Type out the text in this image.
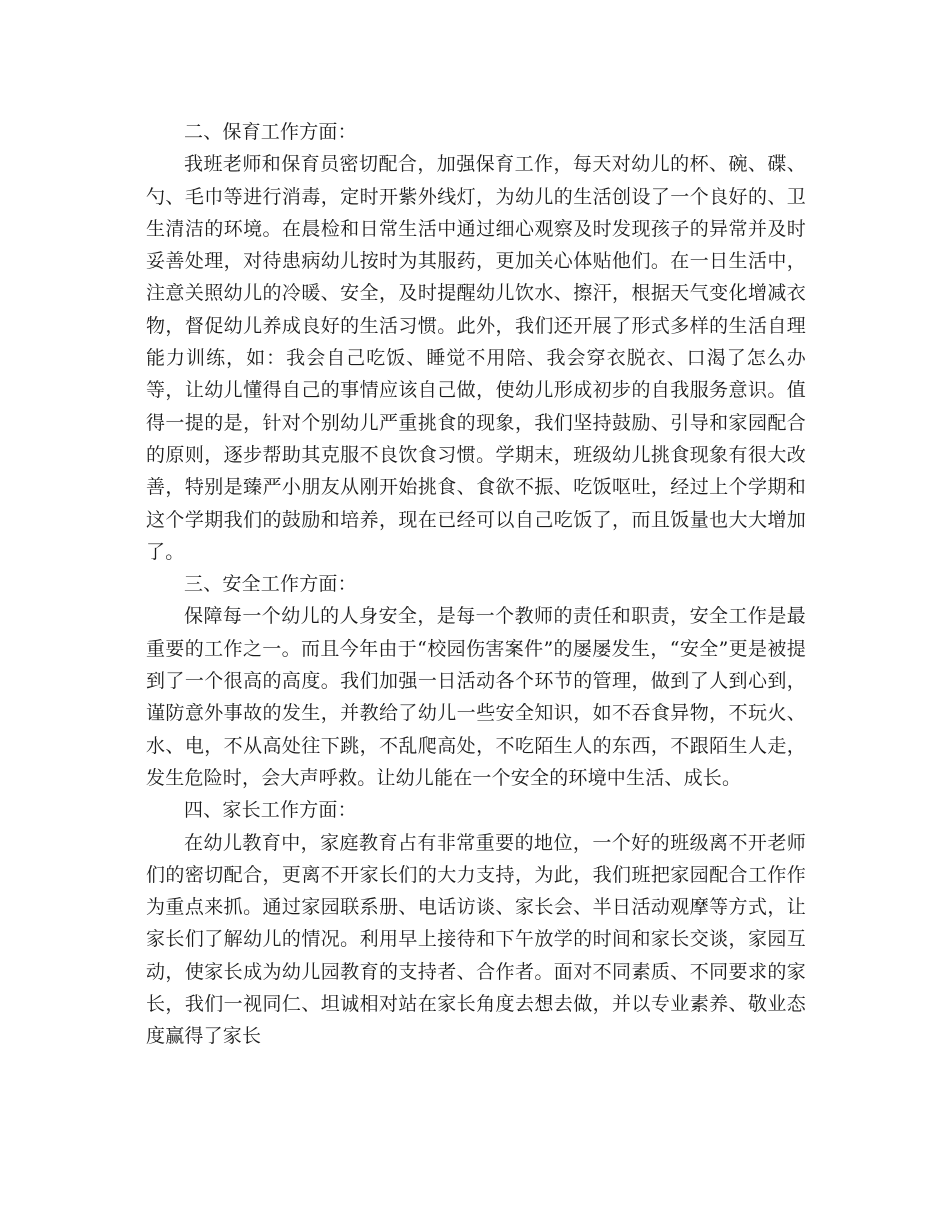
二、保育工作方面：

我班老师和保育员密切配合，加强保育工作，每天对幼儿的杯、碗、碟、勺、毛巾等进行消毒，定时开紫外线灯，为幼儿的生活创设了一个良好的、卫生清洁的环境。在晨检和日常生活中通过细心观察及时发现孩子的异常并及时妥善处理，对待患病幼儿按时为其服药，更加关心体贴他们。在一日生活中，注意关照幼儿的冷暖、安全，及时提醒幼儿饮水、擦汗，根据天气变化增减衣物，督促幼儿养成良好的生活习惯。此外，我们还开展了形式多样的生活自理能力训练，如：我会自己吃饭、睡觉不用陪、我会穿衣脱衣、口渴了怎么办等，让幼儿懂得自己的事情应该自己做，使幼儿形成初步的自我服务意识。值得一提的是，针对个别幼儿严重挑食的现象，我们坚持鼓励、引导和家园配合的原则，逐步帮助其克服不良饮食习惯。学期末，班级幼儿挑食现象有很大改善，特别是臻严小朋友从刚开始挑食、食欲不振、吃饭呕吐，经过上个学期和这个学期我们的鼓励和培养，现在已经可以自己吃饭了，而且饭量也大大增加了。

三、安全工作方面：

保障每一个幼儿的人身安全，是每一个教师的责任和职责，安全工作是最重要的工作之一。而且今年由于“校园伤害案件”的屡屡发生，“安全”更是被提到了一个很高的高度。我们加强一日活动各个环节的管理，做到了人到心到，谨防意外事故的发生，并教给了幼儿一些安全知识，如不吞食异物，不玩火、水、电，不从高处往下跳，不乱爬高处，不吃陌生人的东西，不跟陌生人走，发生危险时，会大声呼救。让幼儿能在一个安全的环境中生活、成长。

四、家长工作方面：

在幼儿教育中，家庭教育占有非常重要的地位，一个好的班级离不开老师们的密切配合，更离不开家长们的大力支持，为此，我们班把家园配合工作作为重点来抓。通过家园联系册、电话访谈、家长会、半日活动观摩等方式，让家长们了解幼儿的情况。利用早上接待和下午放学的时间和家长交谈，家园互动，使家长成为幼儿园教育的支持者、合作者。面对不同素质、不同要求的家长，我们一视同仁、坦诚相对站在家长角度去想去做，并以专业素养、敬业态度赢得了家长
